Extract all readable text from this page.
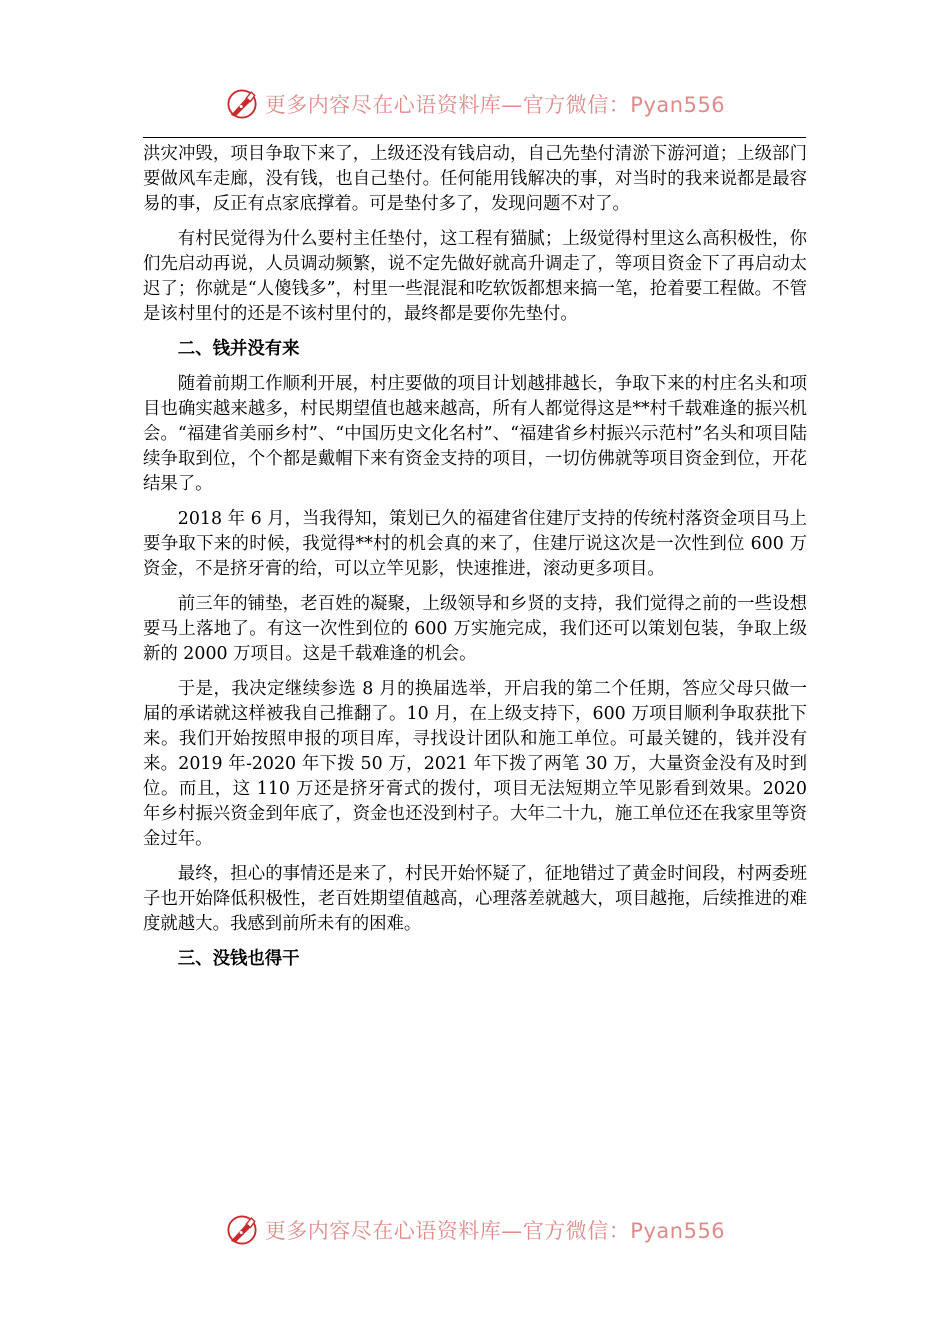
更多内容尽在心语资料库—官方微信：Pyan556

洪灾冲毁，项目争取下来了，上级还没有钱启动，自己先垫付清淤下游河道；上级部门要做风车走廊，没有钱，也自己垫付。任何能用钱解决的事，对当时的我来说都是最容易的事，反正有点家底撑着。可是垫付多了，发现问题不对了。

有村民觉得为什么要村主任垫付，这工程有猫腻；上级觉得村里这么高积极性，你们先启动再说，人员调动频繁，说不定先做好就高升调走了，等项目资金下了再启动太迟了；你就是“人傻钱多”，村里一些混混和吃软饭都想来搞一笔，抢着要工程做。不管是该村里付的还是不该村里付的，最终都是要你先垫付。

二、钱并没有来

随着前期工作顺利开展，村庄要做的项目计划越排越长，争取下来的村庄名头和项目也确实越来越多，村民期望值也越来越高，所有人都觉得这是**村千载难逢的振兴机会。“福建省美丽乡村”、“中国历史文化名村”、“福建省乡村振兴示范村”名头和项目陆续争取到位，个个都是戴帽下来有资金支持的项目，一切仿佛就等项目资金到位，开花结果了。

2018 年 6 月，当我得知，策划已久的福建省住建厅支持的传统村落资金项目马上要争取下来的时候，我觉得**村的机会真的来了，住建厅说这次是一次性到位 600 万资金，不是挤牙膏的给，可以立竿见影，快速推进，滚动更多项目。

前三年的铺垫，老百姓的凝聚，上级领导和乡贤的支持，我们觉得之前的一些设想要马上落地了。有这一次性到位的 600 万实施完成，我们还可以策划包装，争取上级新的 2000 万项目。这是千载难逢的机会。

于是，我决定继续参选 8 月的换届选举，开启我的第二个任期，答应父母只做一届的承诺就这样被我自己推翻了。10 月，在上级支持下，600 万项目顺利争取获批下来。我们开始按照申报的项目库，寻找设计团队和施工单位。可最关键的，钱并没有来。2019 年-2020 年下拨 50 万，2021 年下拨了两笔 30 万，大量资金没有及时到位。而且，这 110 万还是挤牙膏式的拨付，项目无法短期立竿见影看到效果。2020 年乡村振兴资金到年底了，资金也还没到村子。大年二十九，施工单位还在我家里等资金过年。

最终，担心的事情还是来了，村民开始怀疑了，征地错过了黄金时间段，村两委班子也开始降低积极性，老百姓期望值越高，心理落差就越大，项目越拖，后续推进的难度就越大。我感到前所未有的困难。

三、没钱也得干
更多内容尽在心语资料库—官方微信：Pyan556
